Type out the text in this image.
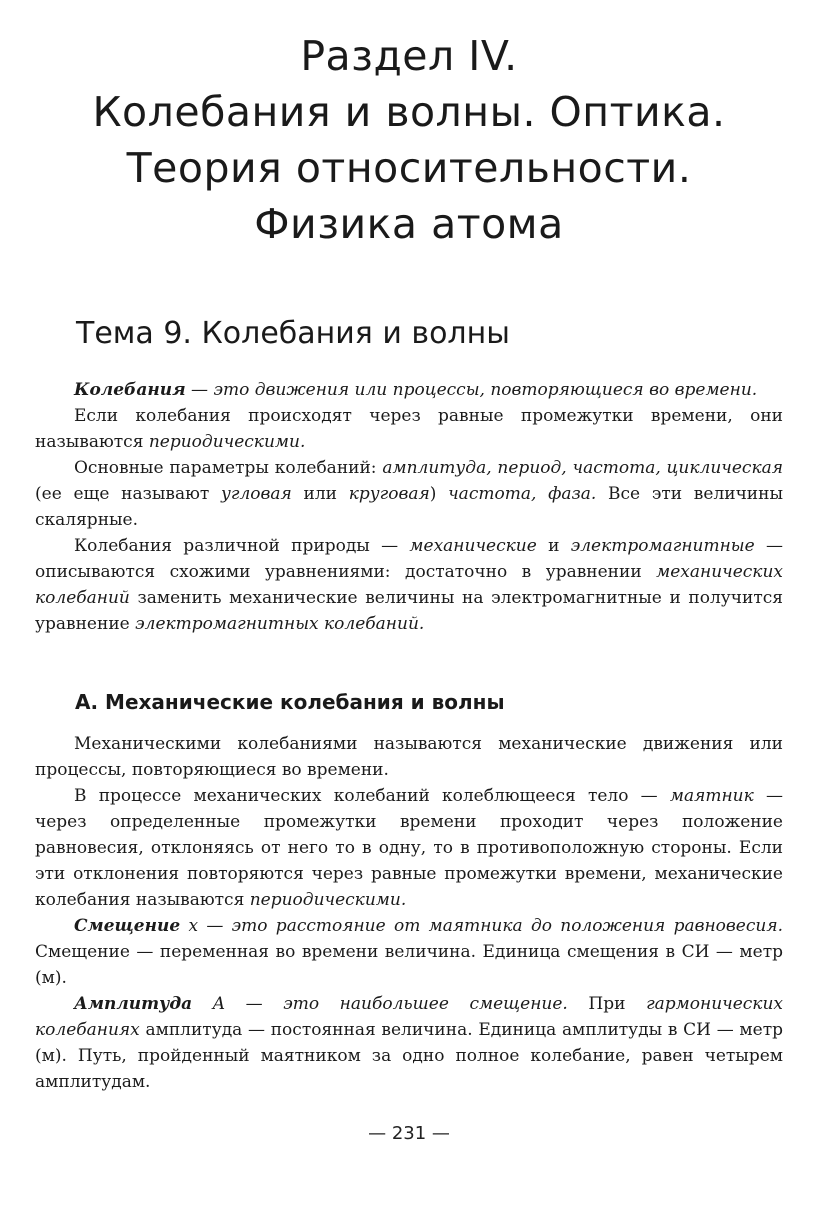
Раздел IV.
Колебания и волны. Оптика.
Теория относительности.
Физика атома
Тема 9. Колебания и волны

Колебания — это движения или процессы, повторяющиеся во времени.

Если колебания происходят через равные промежутки времени, они называются периодическими.

Основные параметры колебаний: амплитуда, период, частота, циклическая (ее еще называют угловая или круговая) частота, фаза. Все эти величины скалярные.

Колебания различной природы — механические и электромагнитные — описываются схожими уравнениями: достаточно в уравнении механических колебаний заменить механические величины на электромагнитные и получится уравнение электромагнитных колебаний.

А. Механические колебания и волны

Механическими колебаниями называются механические движения или процессы, повторяющиеся во времени.

В процессе механических колебаний колеблющееся тело — маятник — через определенные промежутки времени проходит через положение равновесия, отклоняясь от него то в одну, то в противоположную стороны. Если эти отклонения повторяются через равные промежутки времени, механические колебания называются периодическими.

Смещение x — это расстояние от маятника до положения равновесия. Смещение — переменная во времени величина. Единица смещения в СИ — метр (м).

Амплитуда A — это наибольшее смещение. При гармонических колебаниях амплитуда — постоянная величина. Единица амплитуды в СИ — метр (м). Путь, пройденный маятником за одно полное колебание, равен четырем амплитудам.

— 231 —
